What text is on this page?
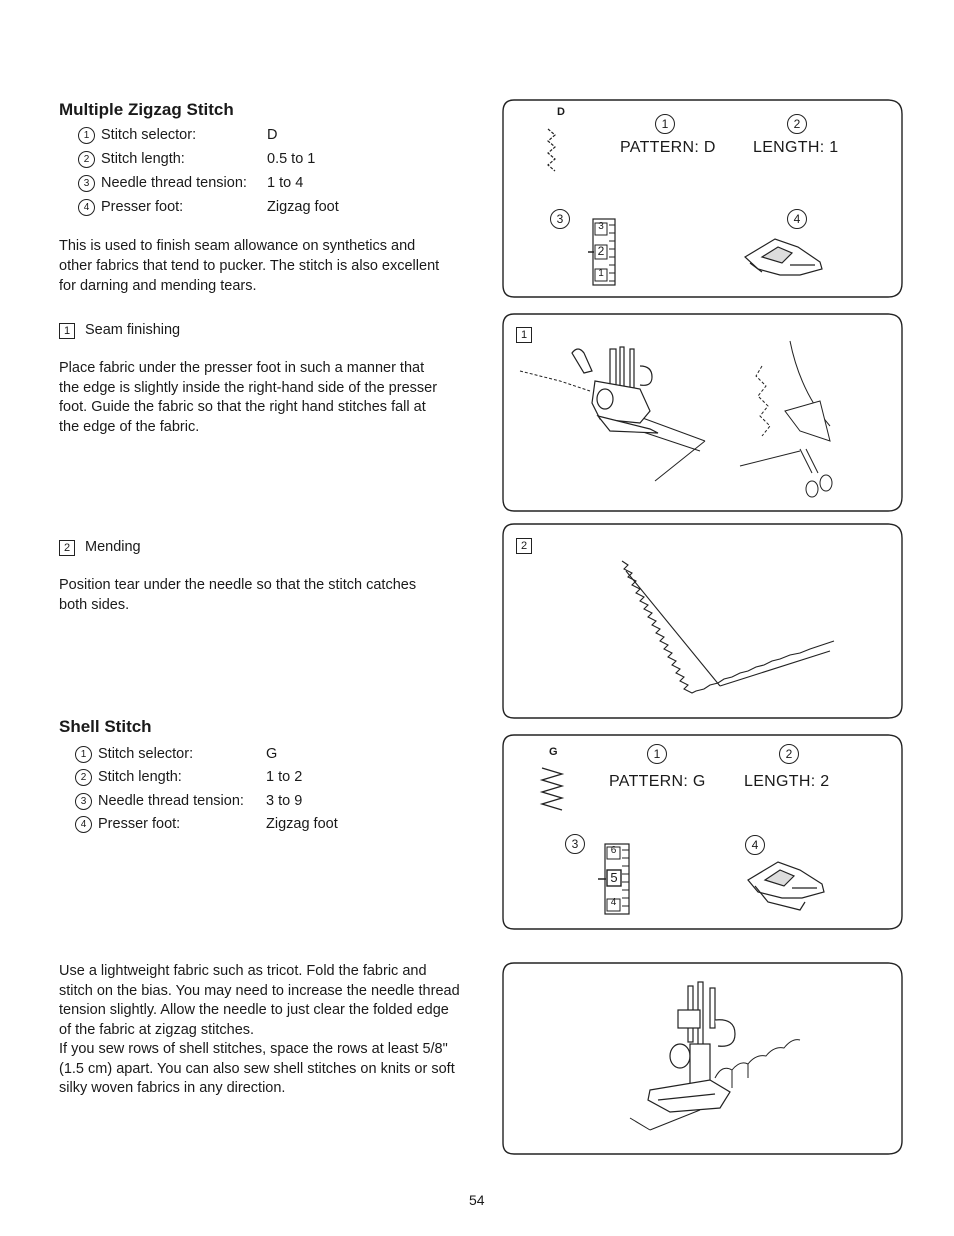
Multiple Zigzag Stitch
1 Stitch selector:	D
2 Stitch length:	0.5 to 1
3 Needle thread tension: 1 to 4
4 Presser foot:	Zigzag foot

This is used to finish seam allowance on synthetics and

other fabrics that tend to pucker. The stitch is also excellent

for darning and mending tears.

1 Seam finishing

Place fabric under the presser foot in such a manner that

the edge is slightly inside the right-hand side of the presser

foot. Guide the fabric so that the right hand stitches fall at

the edge of the fabric.

2 Mending

Position tear under the needle so that the stitch catches

both sides.

Shell Stitch
1 Stitch selector:	G
2 Stitch length:	1 to 2
3 Needle thread tension: 3 to 9
4 Presser foot:	Zigzag foot

Use a lightweight fabric such as tricot. Fold the fabric and

stitch on the bias. You may need to increase the needle thread

tension slightly. Allow the needle to just clear the folded edge

of the fabric at zigzag stitches.

If you sew rows of shell stitches, space the rows at least 5/8"

(1.5 cm) apart. You can also sew shell stitches on knits or soft

silky woven fabrics in any direction.

D
1	2
PATTERN: D LENGTH: 1
3	4
3
2
1
1
2
G	1	2
PATTERN: G LENGTH: 2
3	4
6
5
4
54
